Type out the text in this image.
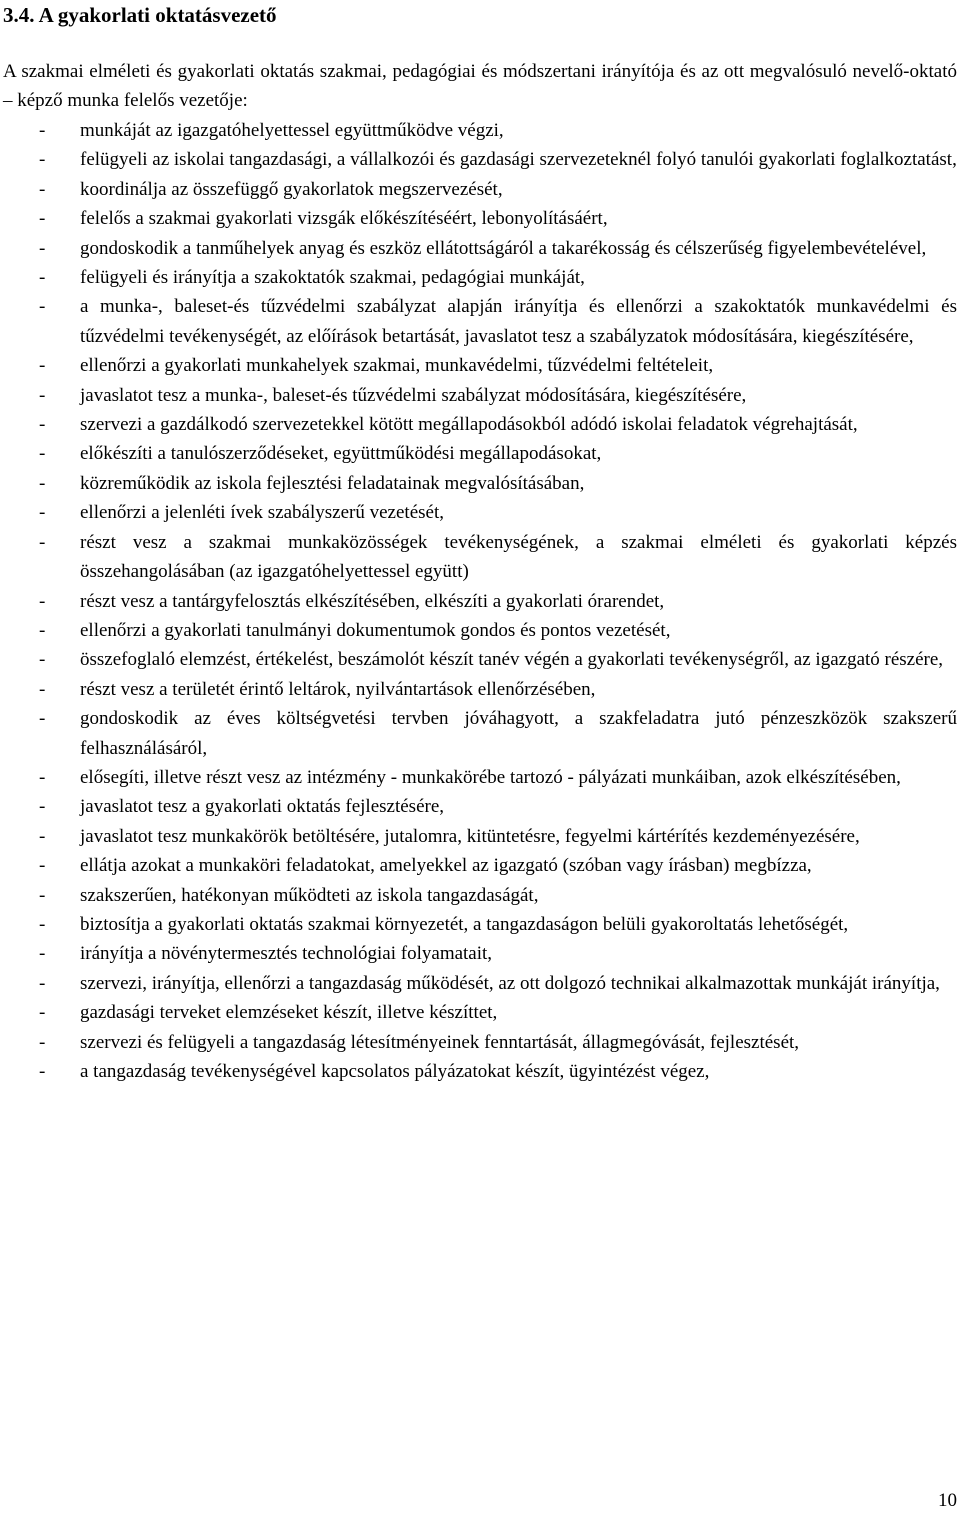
3.4. A gyakorlati oktatásvezető

A szakmai elméleti és gyakorlati oktatás szakmai, pedagógiai és módszertani irányítója és az ott megvalósuló nevelő-oktató – képző munka felelős vezetője:

- munkáját az igazgatóhelyettessel együttműködve végzi,
- felügyeli az iskolai tangazdasági, a vállalkozói és gazdasági szervezeteknél folyó tanulói gyakorlati foglalkoztatást,
- koordinálja az összefüggő gyakorlatok megszervezését,
- felelős a szakmai gyakorlati vizsgák előkészítéséért, lebonyolításáért,
- gondoskodik a tanműhelyek anyag és eszköz ellátottságáról a takarékosság és célszerűség figyelembevételével,
- felügyeli és irányítja a szakoktatók szakmai, pedagógiai munkáját,
- a munka-, baleset-és tűzvédelmi szabályzat alapján irányítja és ellenőrzi a szakoktatók munkavédelmi és tűzvédelmi tevékenységét, az előírások betartását, javaslatot tesz a szabályzatok módosítására, kiegészítésére,
- ellenőrzi a gyakorlati munkahelyek szakmai, munkavédelmi, tűzvédelmi feltételeit,
- javaslatot tesz a munka-, baleset-és tűzvédelmi szabályzat módosítására, kiegészítésére,
- szervezi a gazdálkodó szervezetekkel kötött megállapodásokból adódó iskolai feladatok végrehajtását,
- előkészíti a tanulószerződéseket, együttműködési megállapodásokat,
- közreműködik az iskola fejlesztési feladatainak megvalósításában,
- ellenőrzi a jelenléti ívek szabályszerű vezetését,
- részt vesz a szakmai munkaközösségek tevékenységének, a szakmai elméleti és gyakorlati képzés összehangolásában (az igazgatóhelyettessel együtt)
- részt vesz a tantárgyfelosztás elkészítésében, elkészíti a gyakorlati órarendet,
- ellenőrzi a gyakorlati tanulmányi dokumentumok gondos és pontos vezetését,
- összefoglaló elemzést, értékelést, beszámolót készít tanév végén a gyakorlati tevékenységről, az igazgató részére,
- részt vesz a területét érintő leltárok, nyilvántartások ellenőrzésében,
- gondoskodik az éves költségvetési tervben jóváhagyott, a szakfeladatra jutó pénzeszközök szakszerű felhasználásáról,
- elősegíti, illetve részt vesz az intézmény - munkakörébe tartozó - pályázati munkáiban, azok elkészítésében,
- javaslatot tesz a gyakorlati oktatás fejlesztésére,
- javaslatot tesz munkakörök betöltésére, jutalomra, kitüntetésre, fegyelmi kártérítés kezdeményezésére,
- ellátja azokat a munkaköri feladatokat, amelyekkel az igazgató (szóban vagy írásban) megbízza,
- szakszerűen, hatékonyan működteti az iskola tangazdaságát,
- biztosítja a gyakorlati oktatás szakmai környezetét, a tangazdaságon belüli gyakoroltatás lehetőségét,
- irányítja a növénytermesztés technológiai folyamatait,
- szervezi, irányítja, ellenőrzi a tangazdaság működését, az ott dolgozó technikai alkalmazottak munkáját irányítja,
- gazdasági terveket elemzéseket készít, illetve készíttet,
- szervezi és felügyeli a tangazdaság létesítményeinek fenntartását, állagmegóvását, fejlesztését,
- a tangazdaság tevékenységével kapcsolatos pályázatokat készít, ügyintézést végez,
10
